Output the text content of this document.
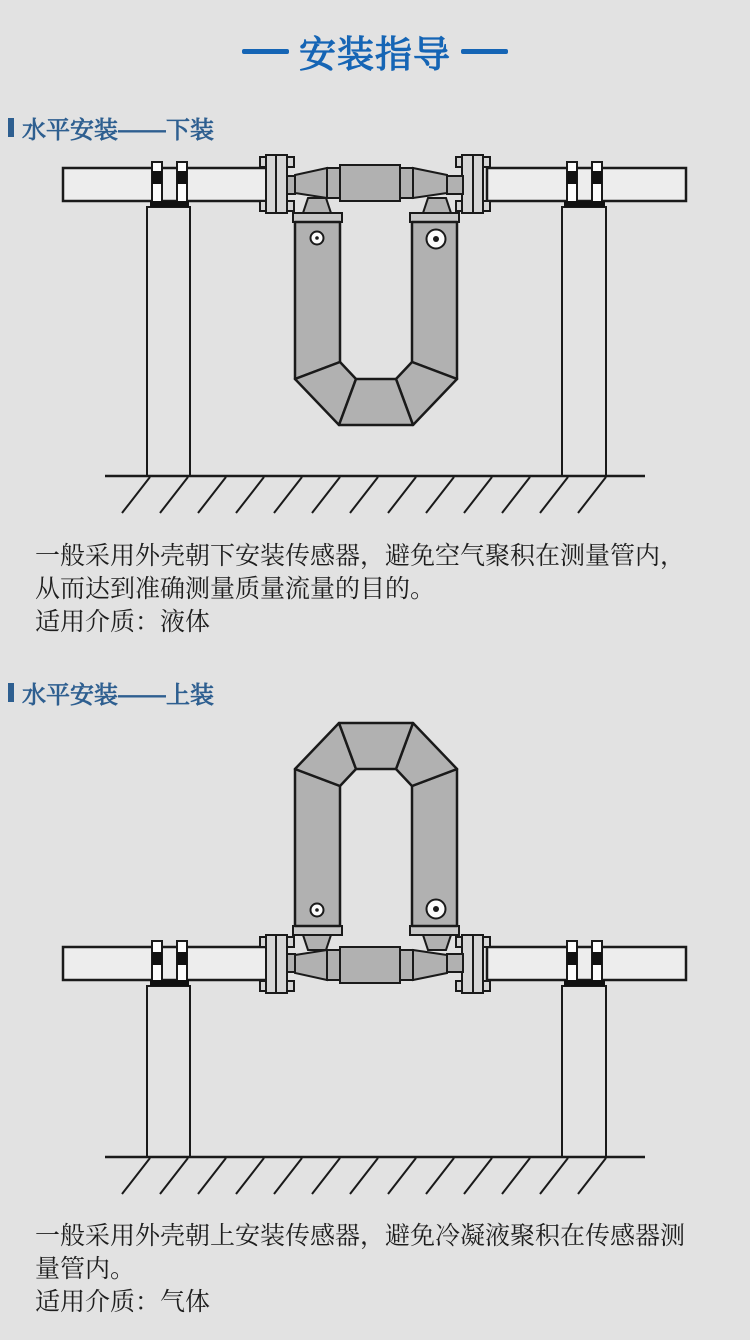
安装指导
水平安装——下装
一般采用外壳朝下安装传感器，避免空气聚积在测量管内，
从而达到准确测量质量流量的目的。
适用介质：液体
水平安装——上装
一般采用外壳朝上安装传感器，避免冷凝液聚积在传感器测
量管内。
适用介质：气体
